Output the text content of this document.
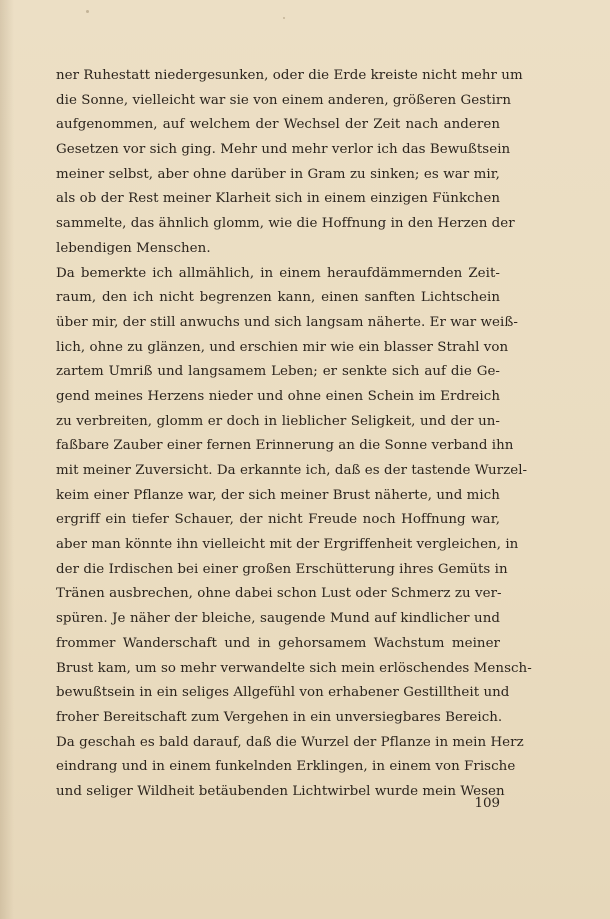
ner Ruhestatt niedergesunken, oder die Erde kreiste nicht mehr um
die Sonne, vielleicht war sie von einem anderen, größeren Gestirn
aufgenommen, auf welchem der Wechsel der Zeit nach anderen
Gesetzen vor sich ging. Mehr und mehr verlor ich das Bewußtsein
meiner selbst, aber ohne darüber in Gram zu sinken; es war mir,
als ob der Rest meiner Klarheit sich in einem einzigen Fünkchen
sammelte, das ähnlich glomm, wie die Hoffnung in den Herzen der
lebendigen Menschen.
Da bemerkte ich allmählich, in einem heraufdämmernden Zeit-
raum, den ich nicht begrenzen kann, einen sanften Lichtschein
über mir, der still anwuchs und sich langsam näherte. Er war weiß-
lich, ohne zu glänzen, und erschien mir wie ein blasser Strahl von
zartem Umriß und langsamem Leben; er senkte sich auf die Ge-
gend meines Herzens nieder und ohne einen Schein im Erdreich
zu verbreiten, glomm er doch in lieblicher Seligkeit, und der un-
faßbare Zauber einer fernen Erinnerung an die Sonne verband ihn
mit meiner Zuversicht. Da erkannte ich, daß es der tastende Wurzel-
keim einer Pflanze war, der sich meiner Brust näherte, und mich
ergriff ein tiefer Schauer, der nicht Freude noch Hoffnung war,
aber man könnte ihn vielleicht mit der Ergriffenheit vergleichen, in
der die Irdischen bei einer großen Erschütterung ihres Gemüts in
Tränen ausbrechen, ohne dabei schon Lust oder Schmerz zu ver-
spüren. Je näher der bleiche, saugende Mund auf kindlicher und
frommer Wanderschaft und in gehorsamem Wachstum meiner
Brust kam, um so mehr verwandelte sich mein erlöschendes Mensch-
bewußtsein in ein seliges Allgefühl von erhabener Gestilltheit und
froher Bereitschaft zum Vergehen in ein unversiegbares Bereich.
Da geschah es bald darauf, daß die Wurzel der Pflanze in mein Herz
eindrang und in einem funkelnden Erklingen, in einem von Frische
und seliger Wildheit betäubenden Lichtwirbel wurde mein Wesen
109
